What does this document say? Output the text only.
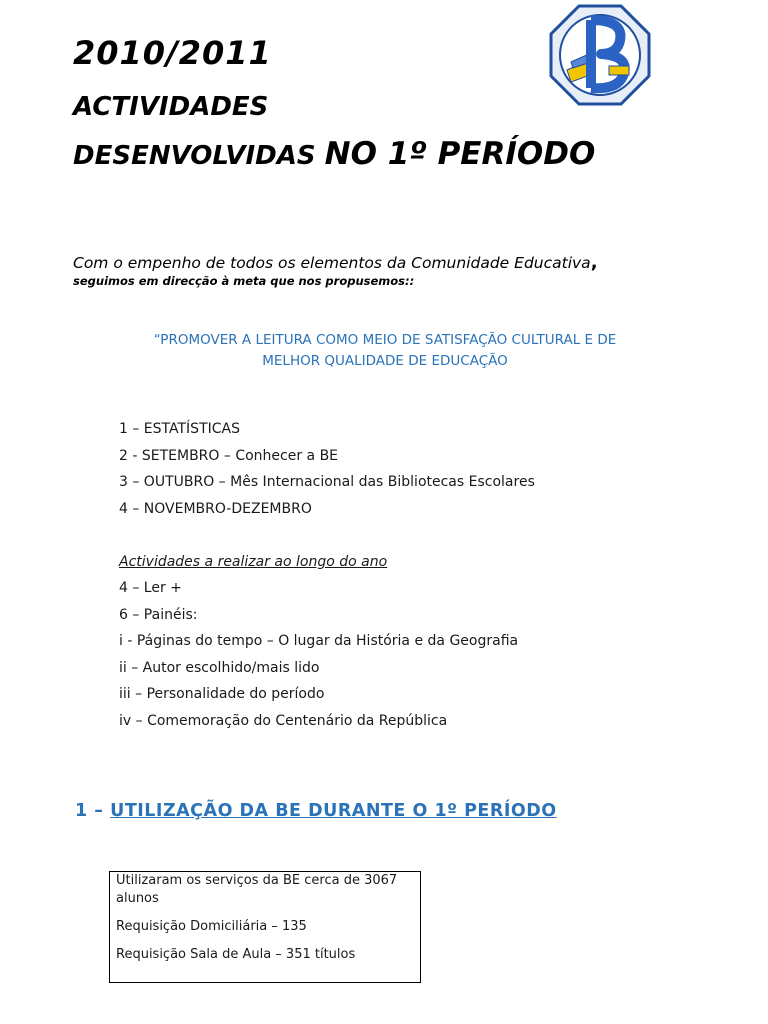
2010/2011
ACTIVIDADES
DESENVOLVIDAS NO 1º PERÍODO
Com o empenho de todos os elementos da Comunidade Educativa,
seguimos em direcção à meta que nos propusemos::
“PROMOVER A LEITURA COMO MEIO DE SATISFAÇÃO CULTURAL E DE
MELHOR QUALIDADE DE EDUCAÇÃO
1 – ESTATÍSTICAS
2 - SETEMBRO – Conhecer a BE
3 – OUTUBRO – Mês Internacional das Bibliotecas Escolares
4 – NOVEMBRO-DEZEMBRO
Actividades a realizar ao longo do ano
4 – Ler +
6 – Painéis:
i - Páginas do tempo – O lugar da História e da Geografia
ii – Autor escolhido/mais lido
iii – Personalidade do período
iv – Comemoração do Centenário da República
1 – UTILIZAÇÃO DA BE DURANTE O 1º PERÍODO

Utilizaram os serviços da BE cerca de 3067 alunos

Requisição Domiciliária – 135

Requisição Sala de Aula – 351 títulos
